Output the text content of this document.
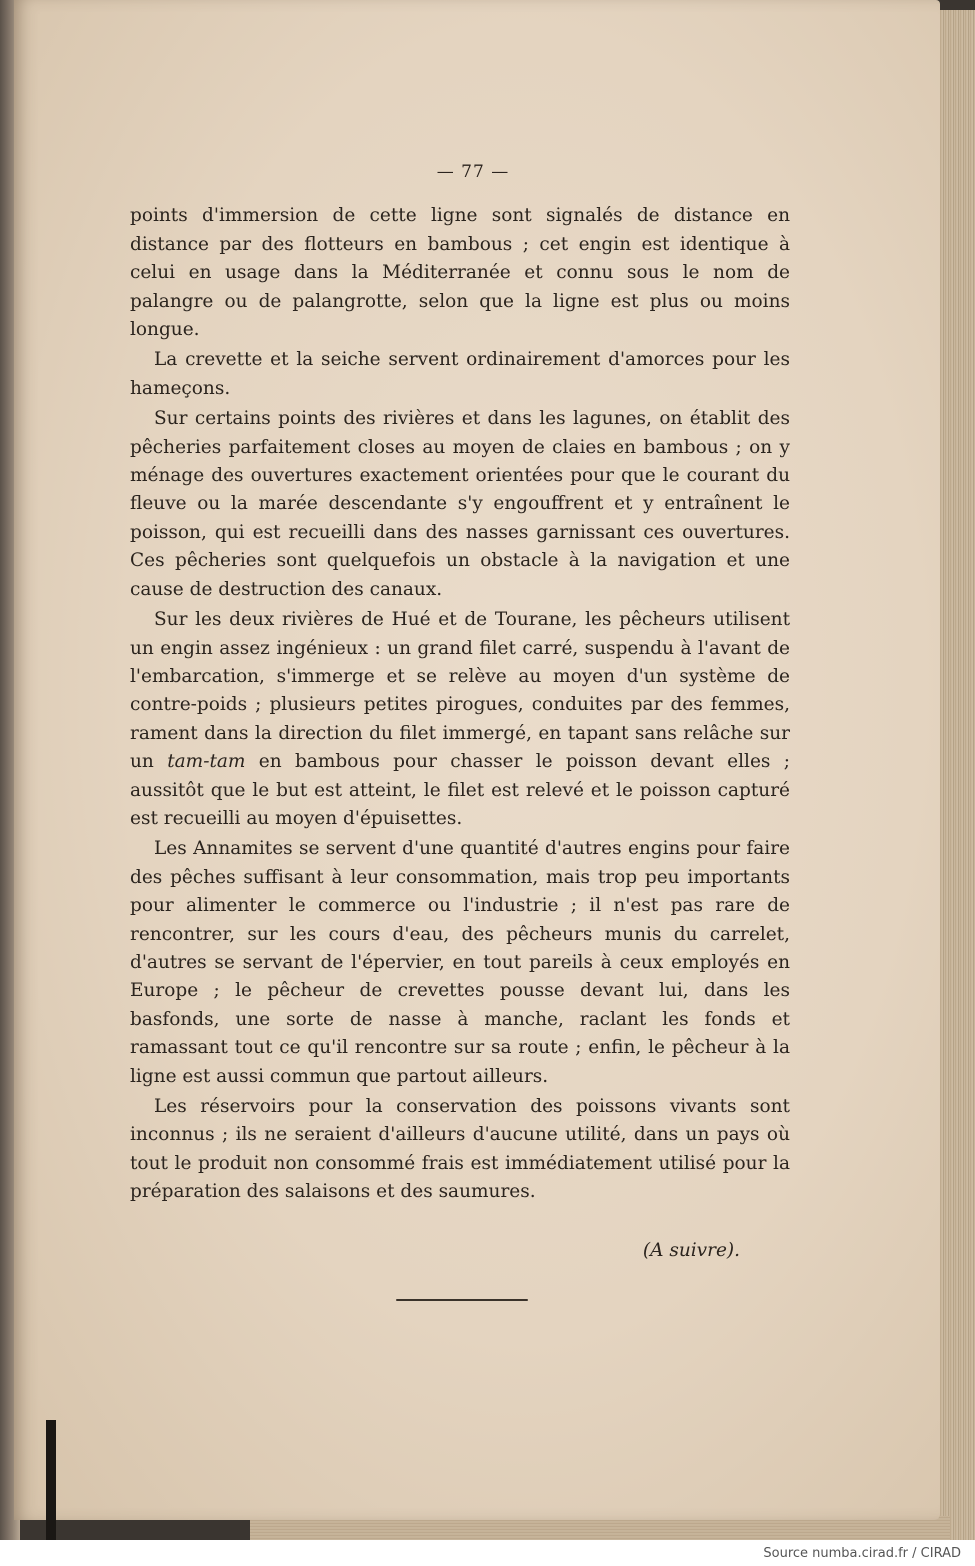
— 77 —

points d'immersion de cette ligne sont signalés de distance en distance par des flotteurs en bambous ; cet engin est identique à celui en usage dans la Méditerranée et connu sous le nom de palangre ou de palangrotte, selon que la ligne est plus ou moins longue.

La crevette et la seiche servent ordinairement d'amorces pour les hameçons.

Sur certains points des rivières et dans les lagunes, on établit des pêcheries parfaitement closes au moyen de claies en bambous ; on y ménage des ouvertures exactement orientées pour que le courant du fleuve ou la marée descendante s'y engouffrent et y entraînent le poisson, qui est recueilli dans des nasses garnissant ces ouvertures. Ces pêcheries sont quelquefois un obstacle à la navigation et une cause de destruction des canaux.

Sur les deux rivières de Hué et de Tourane, les pêcheurs utilisent un engin assez ingénieux : un grand filet carré, suspendu à l'avant de l'embarcation, s'immerge et se relève au moyen d'un système de contre-poids ; plusieurs petites pirogues, conduites par des femmes, rament dans la direction du filet immergé, en tapant sans relâche sur un tam-tam en bambous pour chasser le poisson devant elles ; aussitôt que le but est atteint, le filet est relevé et le poisson capturé est recueilli au moyen d'épuisettes.

Les Annamites se servent d'une quantité d'autres engins pour faire des pêches suffisant à leur consommation, mais trop peu importants pour alimenter le commerce ou l'industrie ; il n'est pas rare de rencontrer, sur les cours d'eau, des pêcheurs munis du carrelet, d'autres se servant de l'épervier, en tout pareils à ceux employés en Europe ; le pêcheur de crevettes pousse devant lui, dans les basfonds, une sorte de nasse à manche, raclant les fonds et ramassant tout ce qu'il rencontre sur sa route ; enfin, le pêcheur à la ligne est aussi commun que partout ailleurs.

Les réservoirs pour la conservation des poissons vivants sont inconnus ; ils ne seraient d'ailleurs d'aucune utilité, dans un pays où tout le produit non consommé frais est immédiatement utilisé pour la préparation des salaisons et des saumures.

(A suivre).

Source numba.cirad.fr / CIRAD
